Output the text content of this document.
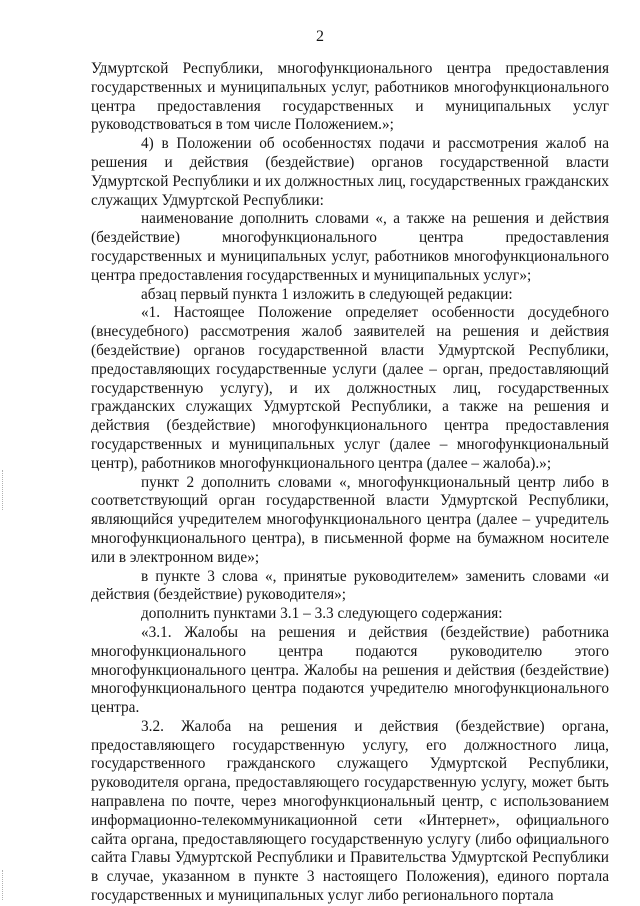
2

Удмуртской Республики, многофункционального центра предоставления государственных и муниципальных услуг, работников многофункционального центра предоставления государственных и муниципальных услуг руководствоваться в том числе Положением.»;

4) в Положении об особенностях подачи и рассмотрения жалоб на решения и действия (бездействие) органов государственной власти Удмуртской Республики и их должностных лиц, государственных гражданских служащих Удмуртской Республики:

наименование дополнить словами «, а также на решения и действия (бездействие) многофункционального центра предоставления государственных и муниципальных услуг, работников многофункционального центра предоставления государственных и муниципальных услуг»;

абзац первый пункта 1 изложить в следующей редакции:

«1. Настоящее Положение определяет особенности досудебного (внесудебного) рассмотрения жалоб заявителей на решения и действия (бездействие) органов государственной власти Удмуртской Республики, предоставляющих государственные услуги (далее – орган, предоставляющий государственную услугу), и их должностных лиц, государственных гражданских служащих Удмуртской Республики, а также на решения и действия (бездействие) многофункционального центра предоставления государственных и муниципальных услуг (далее – многофункциональный центр), работников многофункционального центра (далее – жалоба).»;

пункт 2 дополнить словами «, многофункциональный центр либо в соответствующий орган государственной власти Удмуртской Республики, являющийся учредителем многофункционального центра (далее – учредитель многофункционального центра), в письменной форме на бумажном носителе или в электронном виде»;

в пункте 3 слова «, принятые руководителем» заменить словами «и действия (бездействие) руководителя»;

дополнить пунктами 3.1 – 3.3 следующего содержания:

«3.1. Жалобы на решения и действия (бездействие) работника многофункционального центра подаются руководителю этого многофункционального центра. Жалобы на решения и действия (бездействие) многофункционального центра подаются учредителю многофункционального центра.

3.2. Жалоба на решения и действия (бездействие) органа, предоставляющего государственную услугу, его должностного лица, государственного гражданского служащего Удмуртской Республики, руководителя органа, предоставляющего государственную услугу, может быть направлена по почте, через многофункциональный центр, с использованием информационно-телекоммуникационной сети «Интернет», официального сайта органа, предоставляющего государственную услугу (либо официального сайта Главы Удмуртской Республики и Правительства Удмуртской Республики в случае, указанном в пункте 3 настоящего Положения), единого портала государственных и муниципальных услуг либо регионального портала
